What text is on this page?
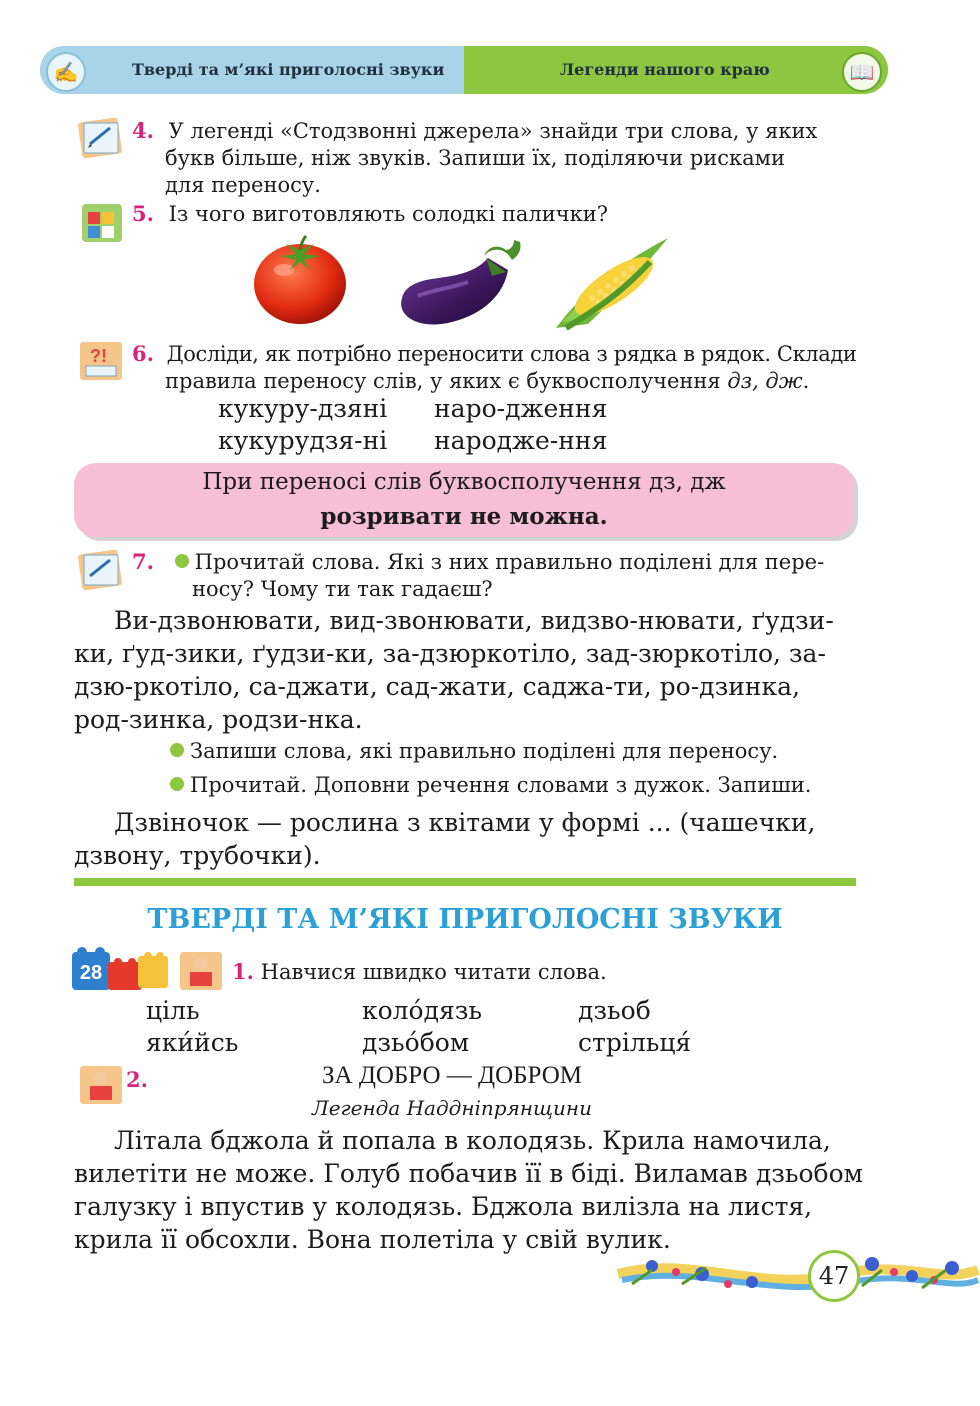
✍	Тверді та м’які приголосні звуки	Легенди нашого краю	📖
4. У легенді «Стодзвонні джерела» знайди три слова, у яких
букв більше, ніж звуків. Запиши їх, поділяючи рисками
для переносу.
5. Із чого виготовляють солодкі палички?
?! 6. Досліди, як потрібно переносити слова з рядка в рядок. Склади
правила переносу слів, у яких є буквосполучення дз, дж.
кукуру-дзяні наро-дження
кукурудзя-ні народже-ння
При переносі слів буквосполучення дз, дж
розривати не можна.
7. Прочитай слова. Які з них правильно поділені для пере-
носу? Чому ти так гадаєш?
Ви-дзвонювати, вид-звонювати, видзво-нювати, ґудзи-
ки, ґуд-зики, ґудзи-ки, за-дзюркотіло, зад-зюркотіло, за-
дзю-ркотіло, са-джати, сад-жати, саджа-ти, ро-дзинка,
род-зинка, родзи-нка.
Запиши слова, які правильно поділені для переносу.
Прочитай. Доповни речення словами з дужок. Запиши.
Дзвіночок — рослина з квітами у формі ... (чашечки,
дзвону, трубочки).
ТВЕРДІ ТА М’ЯКІ ПРИГОЛОСНІ ЗВУКИ
28	1. Навчися швидко читати слова.
ціль	коло́дязь	дзьоб
яки́йсь	дзьо́бом	стрільця́
2.	ЗА ДОБРО — ДОБРОМ
Легенда Наддніпрянщини
Літала бджола й попала в колодязь. Крила намочила,
вилетіти не може. Голуб побачив її в біді. Виламав дзьобом
галузку і впустив у колодязь. Бджола вилізла на листя,
крила її обсохли. Вона полетіла у свій вулик.
47
